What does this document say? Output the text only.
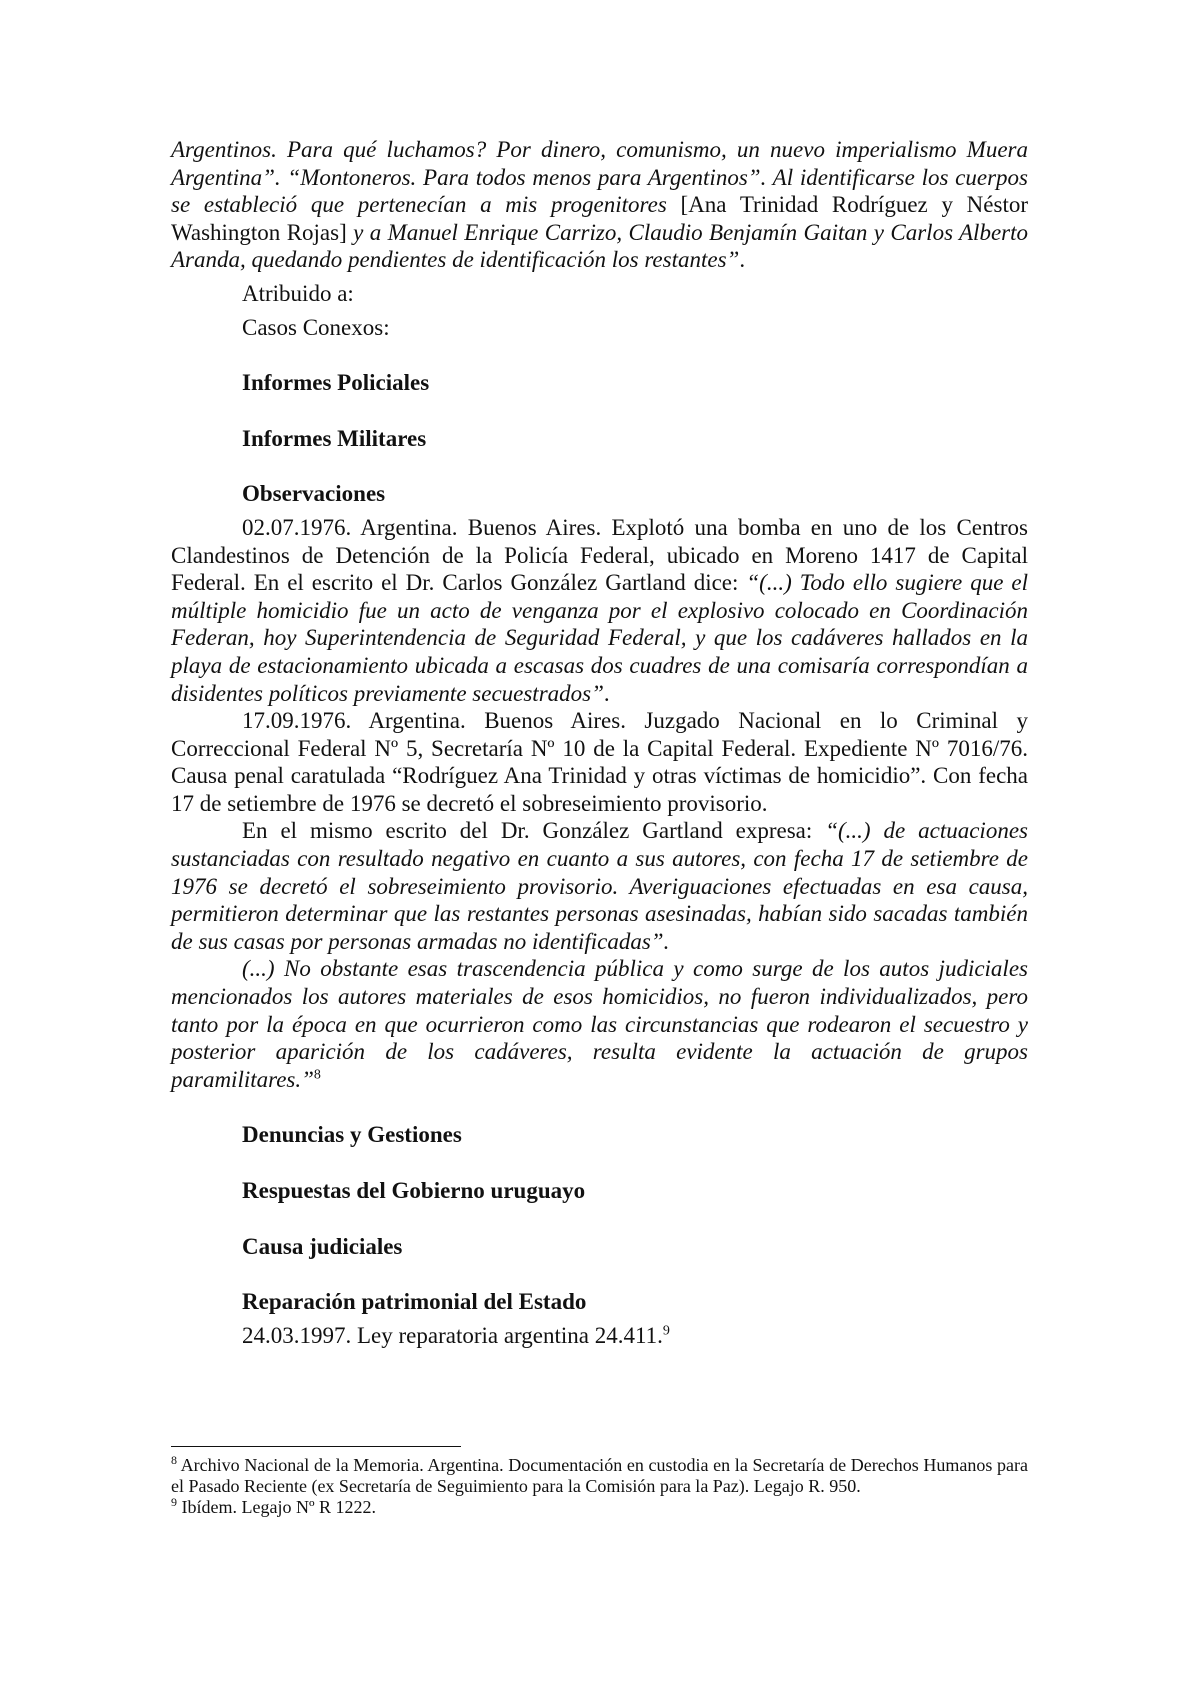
Argentinos. Para qué luchamos? Por dinero, comunismo, un nuevo imperialismo Muera Argentina”. “Montoneros. Para todos menos para Argentinos”. Al identificarse los cuerpos se estableció que pertenecían a mis progenitores [Ana Trinidad Rodríguez y Néstor Washington Rojas] y a Manuel Enrique Carrizo, Claudio Benjamín Gaitan y Carlos Alberto Aranda, quedando pendientes de identificación los restantes”.

Atribuido a:

Casos Conexos:

Informes Policiales

Informes Militares

Observaciones

02.07.1976. Argentina. Buenos Aires. Explotó una bomba en uno de los Centros Clandestinos de Detención de la Policía Federal, ubicado en Moreno 1417 de Capital Federal. En el escrito el Dr. Carlos González Gartland dice: “(...) Todo ello sugiere que el múltiple homicidio fue un acto de venganza por el explosivo colocado en Coordinación Federan, hoy Superintendencia de Seguridad Federal, y que los cadáveres hallados en la playa de estacionamiento ubicada a escasas dos cuadres de una comisaría correspondían a disidentes políticos previamente secuestrados”.

17.09.1976. Argentina. Buenos Aires. Juzgado Nacional en lo Criminal y Correccional Federal Nº 5, Secretaría Nº 10 de la Capital Federal. Expediente Nº 7016/76. Causa penal caratulada “Rodríguez Ana Trinidad y otras víctimas de homicidio”. Con fecha 17 de setiembre de 1976 se decretó el sobreseimiento provisorio.

En el mismo escrito del Dr. González Gartland expresa: “(...) de actuaciones sustanciadas con resultado negativo en cuanto a sus autores, con fecha 17 de setiembre de 1976 se decretó el sobreseimiento provisorio. Averiguaciones efectuadas en esa causa, permitieron determinar que las restantes personas asesinadas, habían sido sacadas también de sus casas por personas armadas no identificadas”.

(...) No obstante esas trascendencia pública y como surge de los autos judiciales mencionados los autores materiales de esos homicidios, no fueron individualizados, pero tanto por la época en que ocurrieron como las circunstancias que rodearon el secuestro y posterior aparición de los cadáveres, resulta evidente la actuación de grupos paramilitares.”$^8$

Denuncias y Gestiones

Respuestas del Gobierno uruguayo

Causa judiciales

Reparación patrimonial del Estado

24.03.1997. Ley reparatoria argentina 24.411.$^9$

$^8$ Archivo Nacional de la Memoria. Argentina. Documentación en custodia en la Secretaría de Derechos Humanos para el Pasado Reciente (ex Secretaría de Seguimiento para la Comisión para la Paz). Legajo R. 950.

$^9$ Ibídem. Legajo Nº R 1222.
